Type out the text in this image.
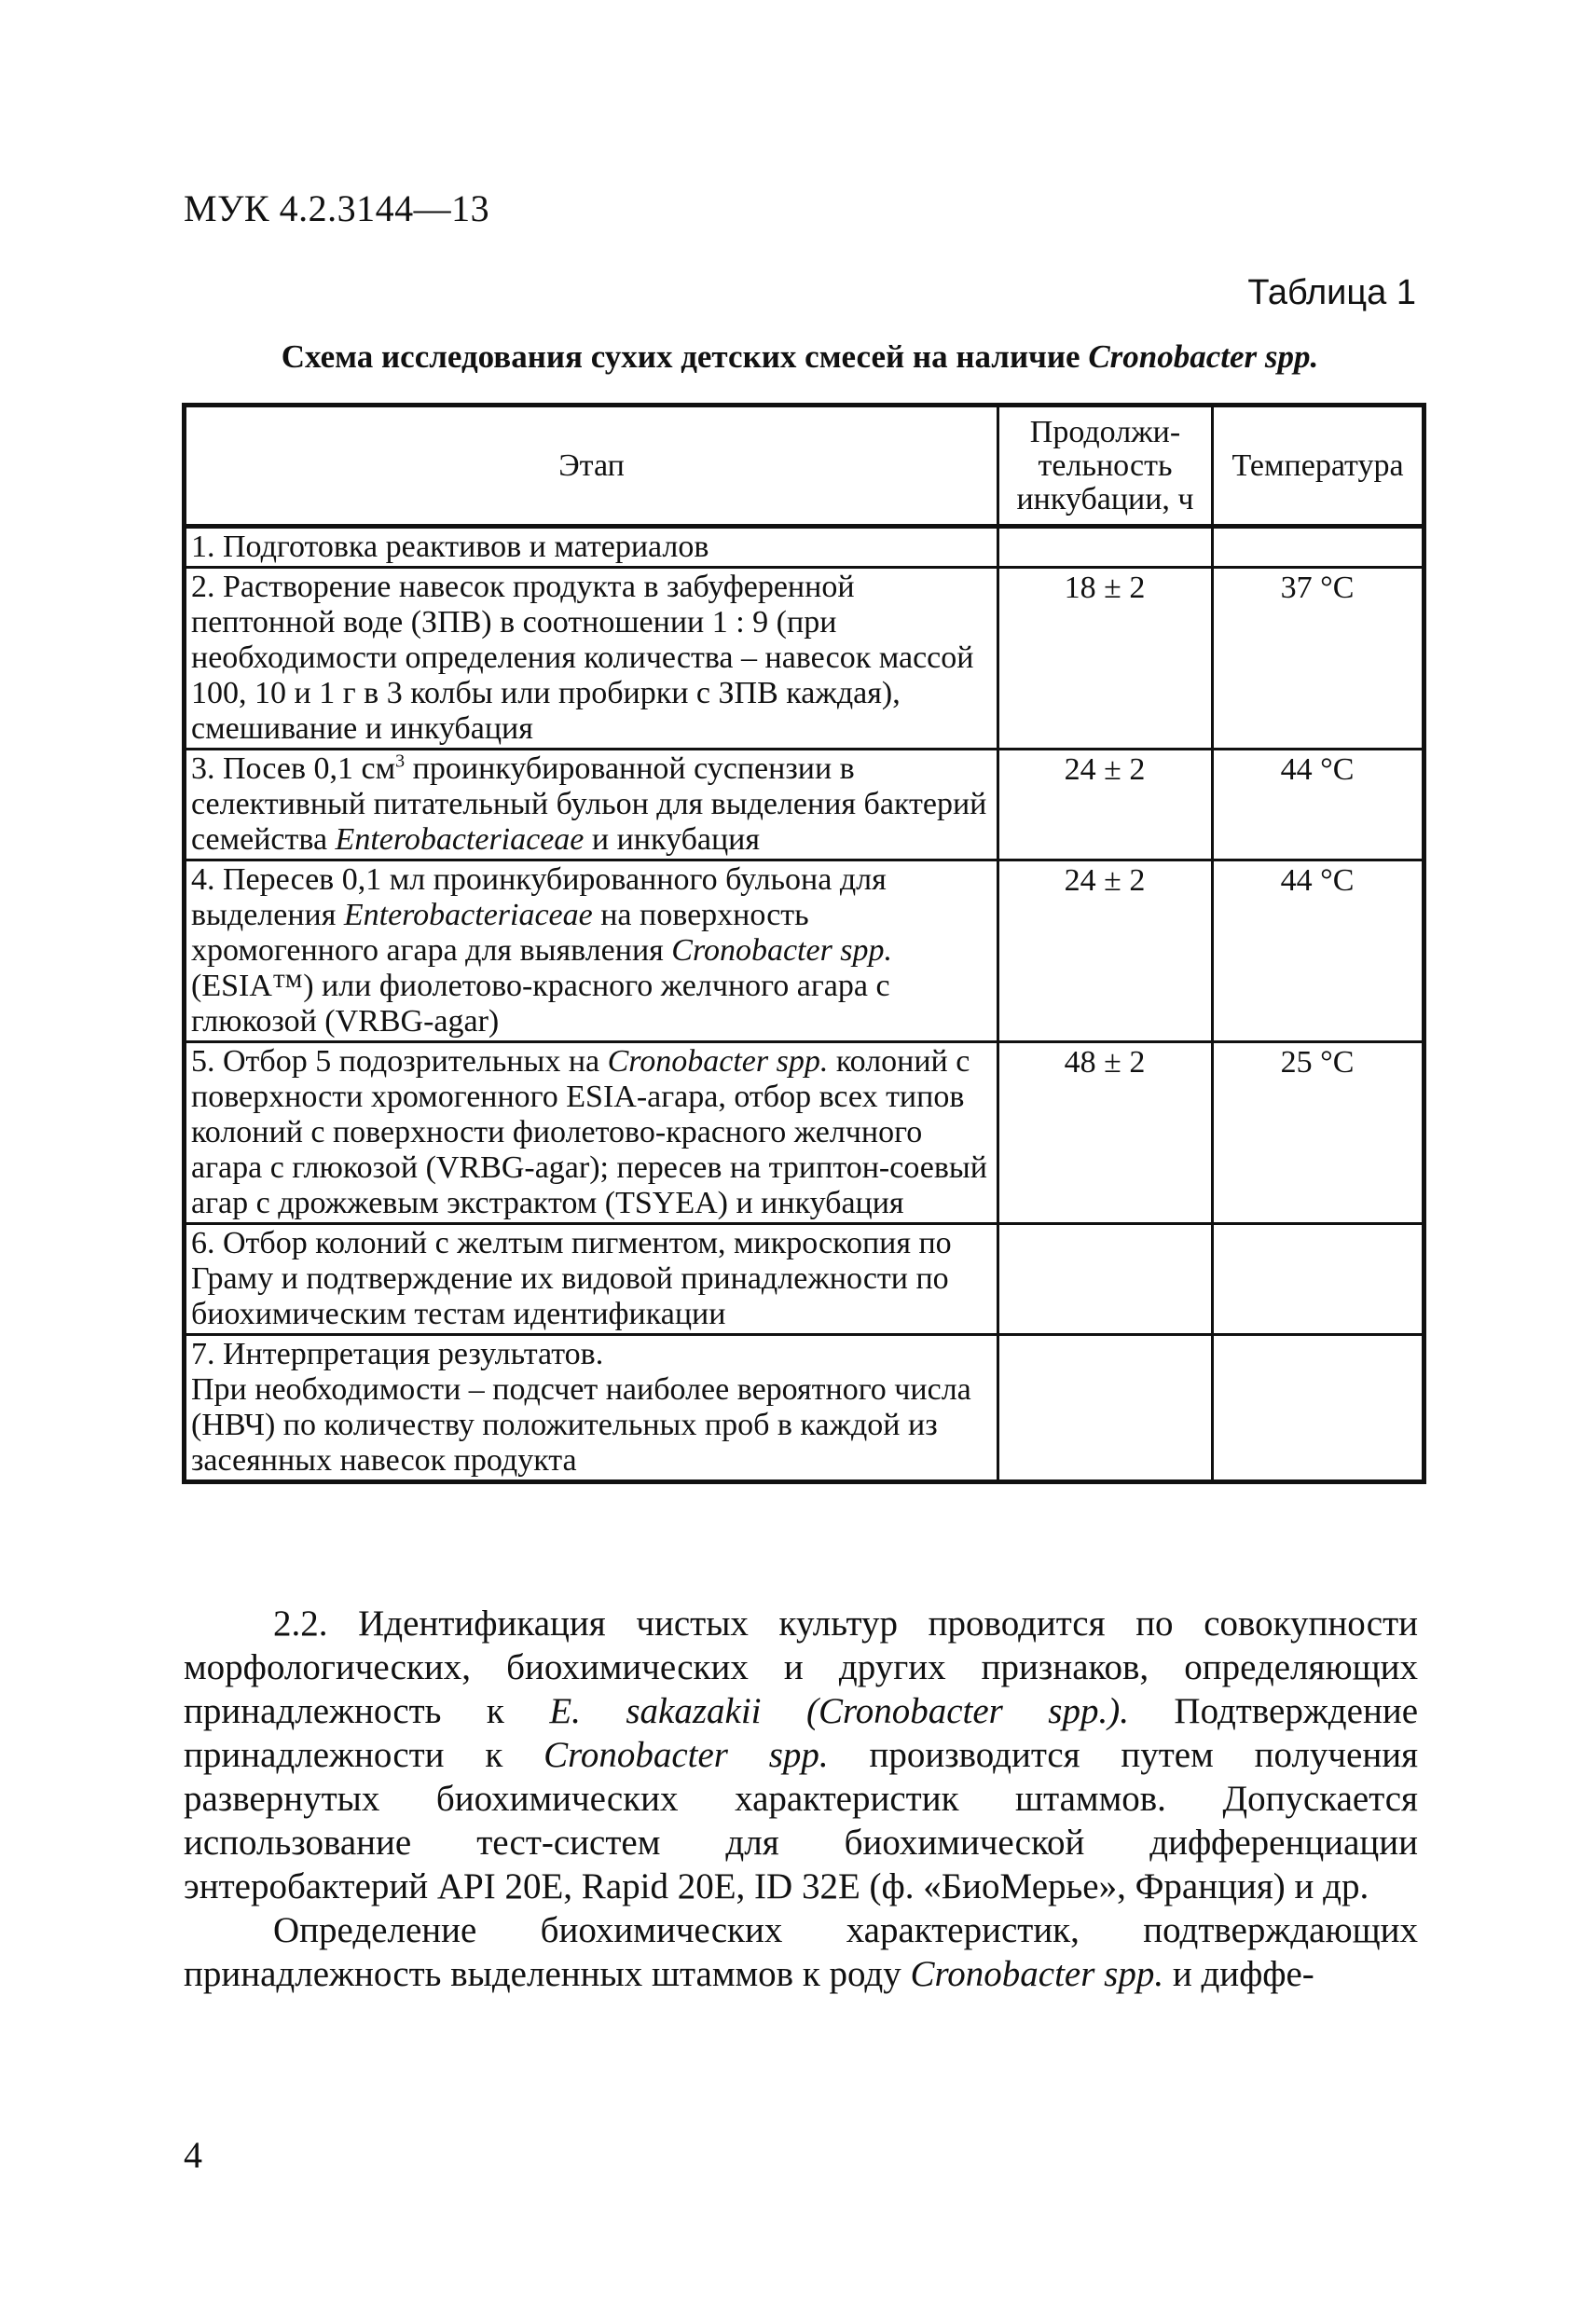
МУК 4.2.3144—13
Таблица 1
Схема исследования сухих детских смесей на наличие Cronobacter spp.
Этап	Продолжи-тельность инкубации, ч	Температура
1. Подготовка реактивов и материалов		
2. Растворение навесок продукта в забуференной пептонной воде (ЗПВ) в соотношении 1 : 9 (при необходимости определения количества – навесок массой 100, 10 и 1 г в 3 колбы или пробирки с ЗПВ каждая), смешивание и инкубация	18 ± 2	37 °С
3. Посев 0,1 $см^3$ проинкубированной суспензии в селективный питательный бульон для выделения бактерий семейства Enterobacteriaceae и инкубация	24 ± 2	44 °С
4. Пересев 0,1 мл проинкубированного бульона для выделения Enterobacteriaceae на поверхность хромогенного агара для выявления Cronobacter spp. (ESIA™) или фиолетово-красного желчного агара с глюкозой (VRBG-agar)	24 ± 2	44 °С
5. Отбор 5 подозрительных на Cronobacter spp. колоний с поверхности хромогенного ESIA-агара, отбор всех типов колоний с поверхности фиолетово-красного желчного агара с глюкозой (VRBG-agar); пересев на триптон-соевый агар с дрожжевым экстрактом (TSYEA) и инкубация	48 ± 2	25 °С
6. Отбор колоний с желтым пигментом, микроскопия по Граму и подтверждение их видовой принадлежности по биохимическим тестам идентификации		

7. Интерпретация результатов.
При необходимости – подсчет наиболее вероятного числа (НВЧ) по количеству положительных проб в каждой из засеянных навесок продукта		

2.2. Идентификация чистых культур проводится по совокупности морфологических, биохимических и других признаков, определяющих принадлежность к E. sakazakii (Cronobacter spp.). Подтверждение принадлежности к Cronobacter spp. производится путем получения развернутых биохимических характеристик штаммов. Допускается использование тест-систем для биохимической дифференциации энтеробактерий API 20E, Rapid 20E, ID 32E (ф. «БиоМерье», Франция) и др.

Определение биохимических характеристик, подтверждающих принадлежность выделенных штаммов к роду Cronobacter spp. и диффе-

4
